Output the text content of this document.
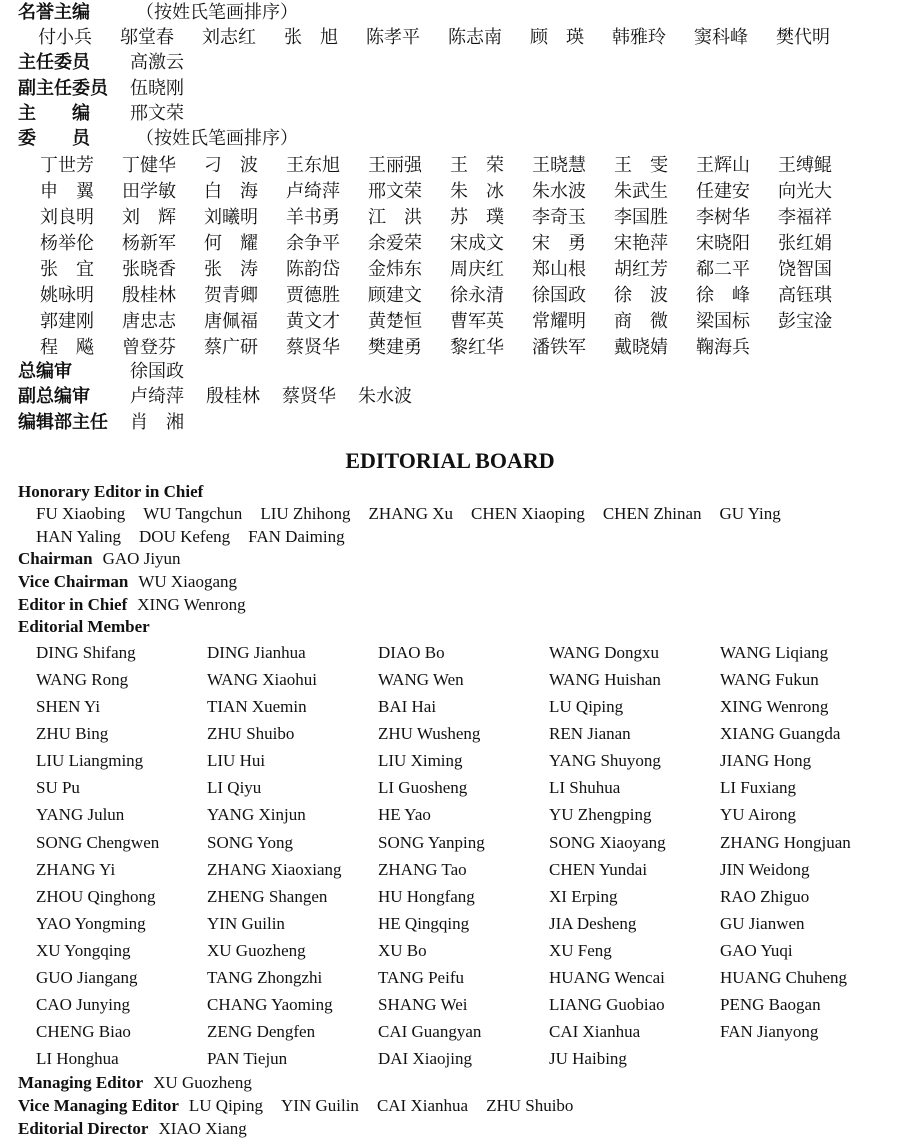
名誉主编	（按姓氏笔画排序）
付小兵 邬堂春 刘志红 张　旭 陈孝平 陈志南 顾　瑛 韩雅玲 窦科峰 樊代明
主任委员 高激云
副主任委员 伍晓刚
主　　编 邢文荣
委　　员	（按姓氏笔画排序）
丁世芳	丁健华	刁　波	王东旭	王丽强	王　荣	王晓慧	王　雯	王辉山	王缚鲲
申　翼	田学敏	白　海	卢绮萍	邢文荣	朱　冰	朱水波	朱武生	任建安	向光大
刘良明	刘　辉	刘曦明	羊书勇	江　洪	苏　璞	李奇玉	李国胜	李树华	李福祥
杨举伦	杨新军	何　耀	余争平	余爱荣	宋成文	宋　勇	宋艳萍	宋晓阳	张红娟
张　宜	张晓香	张　涛	陈韵岱	金炜东	周庆红	郑山根	胡红芳	郗二平	饶智国
姚咏明	殷桂林	贺青卿	贾德胜	顾建文	徐永清	徐国政	徐　波	徐　峰	高钰琪
郭建刚	唐忠志	唐佩福	黄文才	黄楚恒	曹军英	常耀明	商　微	梁国标	彭宝淦
程　飚	曾登芬	蔡广研	蔡贤华	樊建勇	黎红华	潘铁军	戴晓婧	鞠海兵
总编审	徐国政
副总编审 卢绮萍 殷桂林 蔡贤华 朱水波
编辑部主任 肖　湘
EDITORIAL BOARD
Honorary Editor in Chief
FU Xiaobing WU Tangchun LIU Zhihong ZHANG Xu CHEN Xiaoping CHEN Zhinan GU Ying
HAN Yaling DOU Kefeng FAN Daiming
Chairman GAO Jiyun
Vice Chairman WU Xiaogang
Editor in Chief XING Wenrong
Editorial Member
DING Shifang	DING Jianhua	DIAO Bo	WANG Dongxu	WANG Liqiang
WANG Rong	WANG Xiaohui	WANG Wen	WANG Huishan	WANG Fukun
SHEN Yi	TIAN Xuemin	BAI Hai	LU Qiping	XING Wenrong
ZHU Bing	ZHU Shuibo	ZHU Wusheng	REN Jianan	XIANG Guangda
LIU Liangming	LIU Hui	LIU Ximing	YANG Shuyong	JIANG Hong
SU Pu	LI Qiyu	LI Guosheng	LI Shuhua	LI Fuxiang
YANG Julun	YANG Xinjun	HE Yao	YU Zhengping	YU Airong
SONG Chengwen	SONG Yong	SONG Yanping	SONG Xiaoyang	ZHANG Hongjuan
ZHANG Yi	ZHANG Xiaoxiang	ZHANG Tao	CHEN Yundai	JIN Weidong
ZHOU Qinghong	ZHENG Shangen	HU Hongfang	XI Erping	RAO Zhiguo
YAO Yongming	YIN Guilin	HE Qingqing	JIA Desheng	GU Jianwen
XU Yongqing	XU Guozheng	XU Bo	XU Feng	GAO Yuqi
GUO Jiangang	TANG Zhongzhi	TANG Peifu	HUANG Wencai	HUANG Chuheng
CAO Junying	CHANG Yaoming	SHANG Wei	LIANG Guobiao	PENG Baogan
CHENG Biao	ZENG Dengfen	CAI Guangyan	CAI Xianhua	FAN Jianyong
LI Honghua	PAN Tiejun	DAI Xiaojing	JU Haibing
Managing Editor XU Guozheng
Vice Managing Editor LU Qiping YIN Guilin CAI Xianhua ZHU Shuibo
Editorial Director XIAO Xiang
